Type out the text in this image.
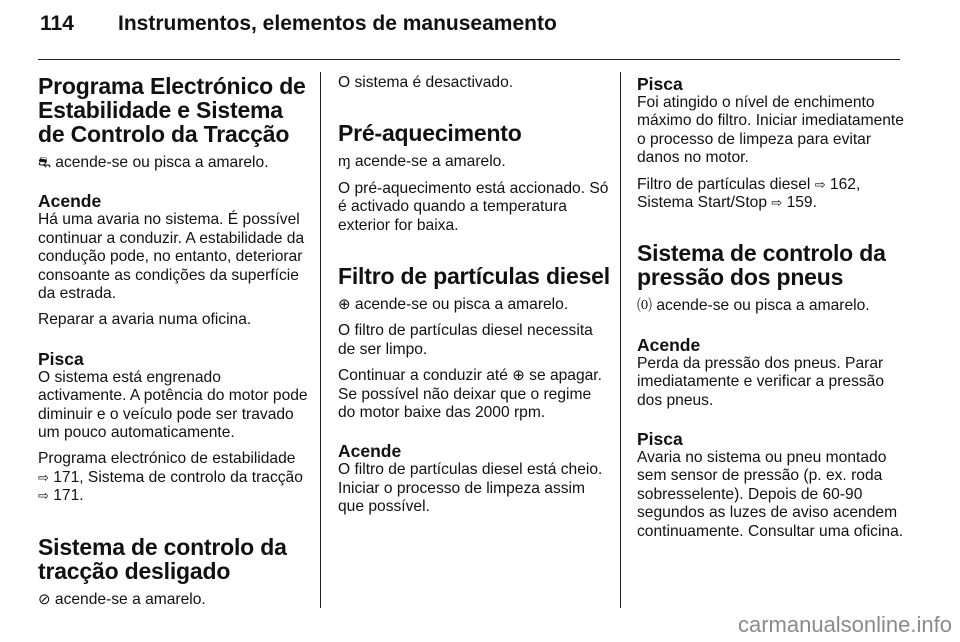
114 Instrumentos, elementos de manuseamento
Programa Electrónico de Estabilidade e Sistema de Controlo da Tracção

⛐ acende-se ou pisca a amarelo.

Acende

Há uma avaria no sistema. É possível continuar a conduzir. A estabilidade da condução pode, no entanto, deteriorar consoante as condições da superfície da estrada.

Reparar a avaria numa oficina.

Pisca

O sistema está engrenado activamente. A potência do motor pode diminuir e o veículo pode ser travado um pouco automaticamente.

Programa electrónico de estabilidade ⇨ 171, Sistema de controlo da tracção ⇨ 171.

Sistema de controlo da tracção desligado

⊘ acende-se a amarelo.

O sistema é desactivado.

Pré-aquecimento

ɱ acende-se a amarelo.

O pré-aquecimento está accionado. Só é activado quando a temperatura exterior for baixa.

Filtro de partículas diesel

⊕ acende-se ou pisca a amarelo.

O filtro de partículas diesel necessita de ser limpo.

Continuar a conduzir até ⊕ se apagar. Se possível não deixar que o regime do motor baixe das 2000 rpm.

Acende

O filtro de partículas diesel está cheio. Iniciar o processo de limpeza assim que possível.

Pisca

Foi atingido o nível de enchimento máximo do filtro. Iniciar imediatamente o processo de limpeza para evitar danos no motor.

Filtro de partículas diesel ⇨ 162, Sistema Start/Stop ⇨ 159.

Sistema de controlo da pressão dos pneus

⒪ acende-se ou pisca a amarelo.

Acende

Perda da pressão dos pneus. Parar imediatamente e verificar a pressão dos pneus.

Pisca

Avaria no sistema ou pneu montado sem sensor de pressão (p. ex. roda sobresselente). Depois de 60-90 segundos as luzes de aviso acendem continuamente. Consultar uma oficina.

carmanualsonline.info
